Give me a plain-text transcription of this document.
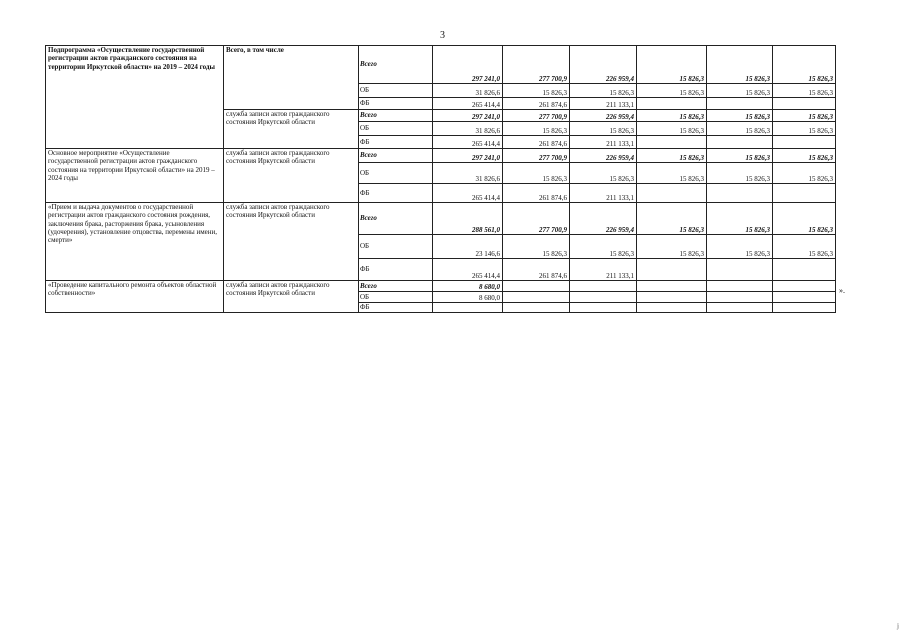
3
Подпрограмма «Осуществление государственной регистрации актов гражданского состояния на территории Иркутской области» на 2019 – 2024 годы	Всего, в том числе	Всего	297 241,0	277 700,9	226 959,4	15 826,3	15 826,3	15 826,3
		ОБ	31 826,6	15 826,3	15 826,3	15 826,3	15 826,3	15 826,3
		ФБ	265 414,4	261 874,6	211 133,1			
	служба записи актов гражданского состояния Иркутской области	Всего	297 241,0	277 700,9	226 959,4	15 826,3	15 826,3	15 826,3
		ОБ	31 826,6	15 826,3	15 826,3	15 826,3	15 826,3	15 826,3
		ФБ	265 414,4	261 874,6	211 133,1			
Основное мероприятие «Осуществление государственной регистрации актов гражданского состояния на территории Иркутской области» на 2019 – 2024 годы	служба записи актов гражданского состояния Иркутской области	Всего	297 241,0	277 700,9	226 959,4	15 826,3	15 826,3	15 826,3
		ОБ	31 826,6	15 826,3	15 826,3	15 826,3	15 826,3	15 826,3
		ФБ	265 414,4	261 874,6	211 133,1			
«Прием и выдача документов о государственной регистрации актов гражданского состояния рождения, заключения брака, расторжения брака, усыновления (удочерения), установление отцовства, перемены имени, смерти»	служба записи актов гражданского состояния Иркутской области	Всего	288 561,0	277 700,9	226 959,4	15 826,3	15 826,3	15 826,3
		ОБ	23 146,6	15 826,3	15 826,3	15 826,3	15 826,3	15 826,3
		ФБ	265 414,4	261 874,6	211 133,1			
«Проведение капитального ремонта объектов областной собственности»	служба записи актов гражданского состояния Иркутской области	Всего	8 680,0					
		ОБ	8 680,0					
		ФБ						
».
j
